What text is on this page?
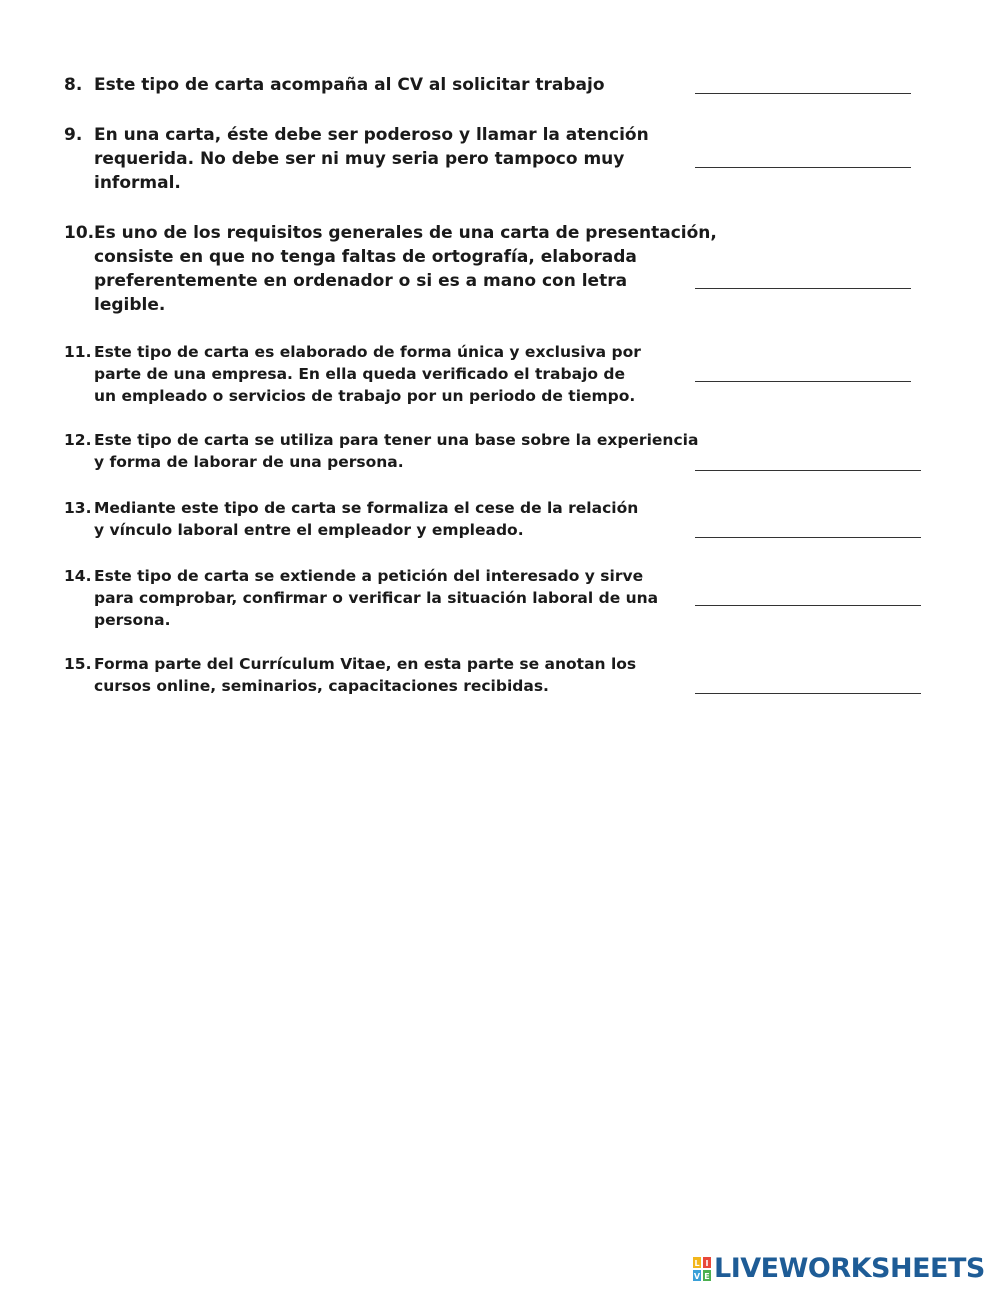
8. Este tipo de carta acompaña al CV al solicitar trabajo
9. En una carta, éste debe ser poderoso y llamar la atención
requerida. No debe ser ni muy seria pero tampoco muy
informal.
10. Es uno de los requisitos generales de una carta de presentación,
consiste en que no tenga faltas de ortografía, elaborada
preferentemente en ordenador o si es a mano con letra
legible.
11. Este tipo de carta es elaborado de forma única y exclusiva por
parte de una empresa. En ella queda verificado el trabajo de
un empleado o servicios de trabajo por un periodo de tiempo.
12. Este tipo de carta se utiliza para tener una base sobre la experiencia
y forma de laborar de una persona.
13. Mediante este tipo de carta se formaliza el cese de la relación
y vínculo laboral entre el empleador y empleado.
14. Este tipo de carta se extiende a petición del interesado y sirve
para comprobar, confirmar o verificar la situación laboral de una
persona.
15. Forma parte del Currículum Vitae, en esta parte se anotan los
cursos online, seminarios, capacitaciones recibidas.
L I
V E LIVEWORKSHEETS
